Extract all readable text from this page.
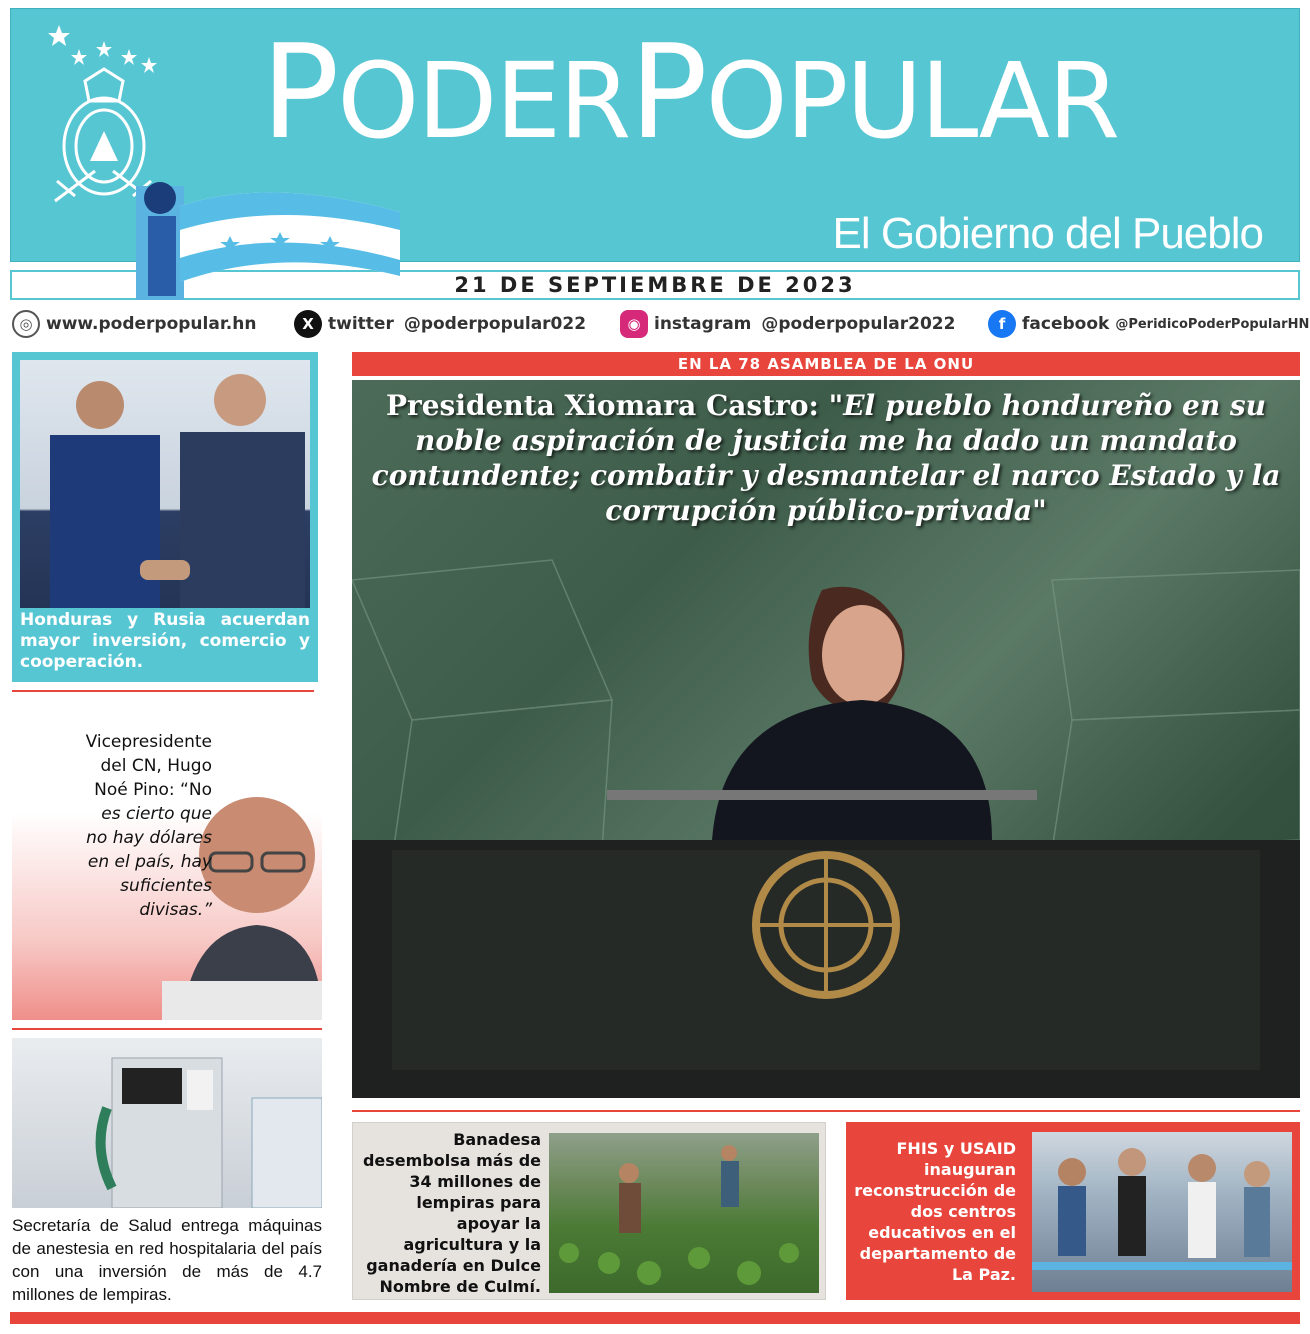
PODERPOPULAR
El Gobierno del Pueblo
21 DE SEPTIEMBRE DE 2023
◎ www.poderpopular.hn	X twitter @poderpopular022	◉ instagram @poderpopular2022	f facebook @PeridicoPoderPopularHN
Honduras y Rusia acuerdan mayor inversión, comercio y cooperación.
Vicepresidente
del CN, Hugo
Noé Pino: “No
es cierto que
no hay dólares
en el país, hay
suficientes
divisas.”
Secretaría de Salud entrega máquinas de anestesia en red hospitalaria del país con una inversión de más de 4.7 millones de lempiras.
EN LA 78 ASAMBLEA DE LA ONU
Presidenta Xiomara Castro: "El pueblo hondureño en su noble aspiración de justicia me ha dado un mandato contundente; combatir y desmantelar el narco Estado y la corrupción público-privada"
Banadesa desembolsa más de 34 millones de lempiras para apoyar la agricultura y la ganadería en Dulce Nombre de Culmí.
FHIS y USAID inauguran reconstrucción de dos centros educativos en el departamento de La Paz.
